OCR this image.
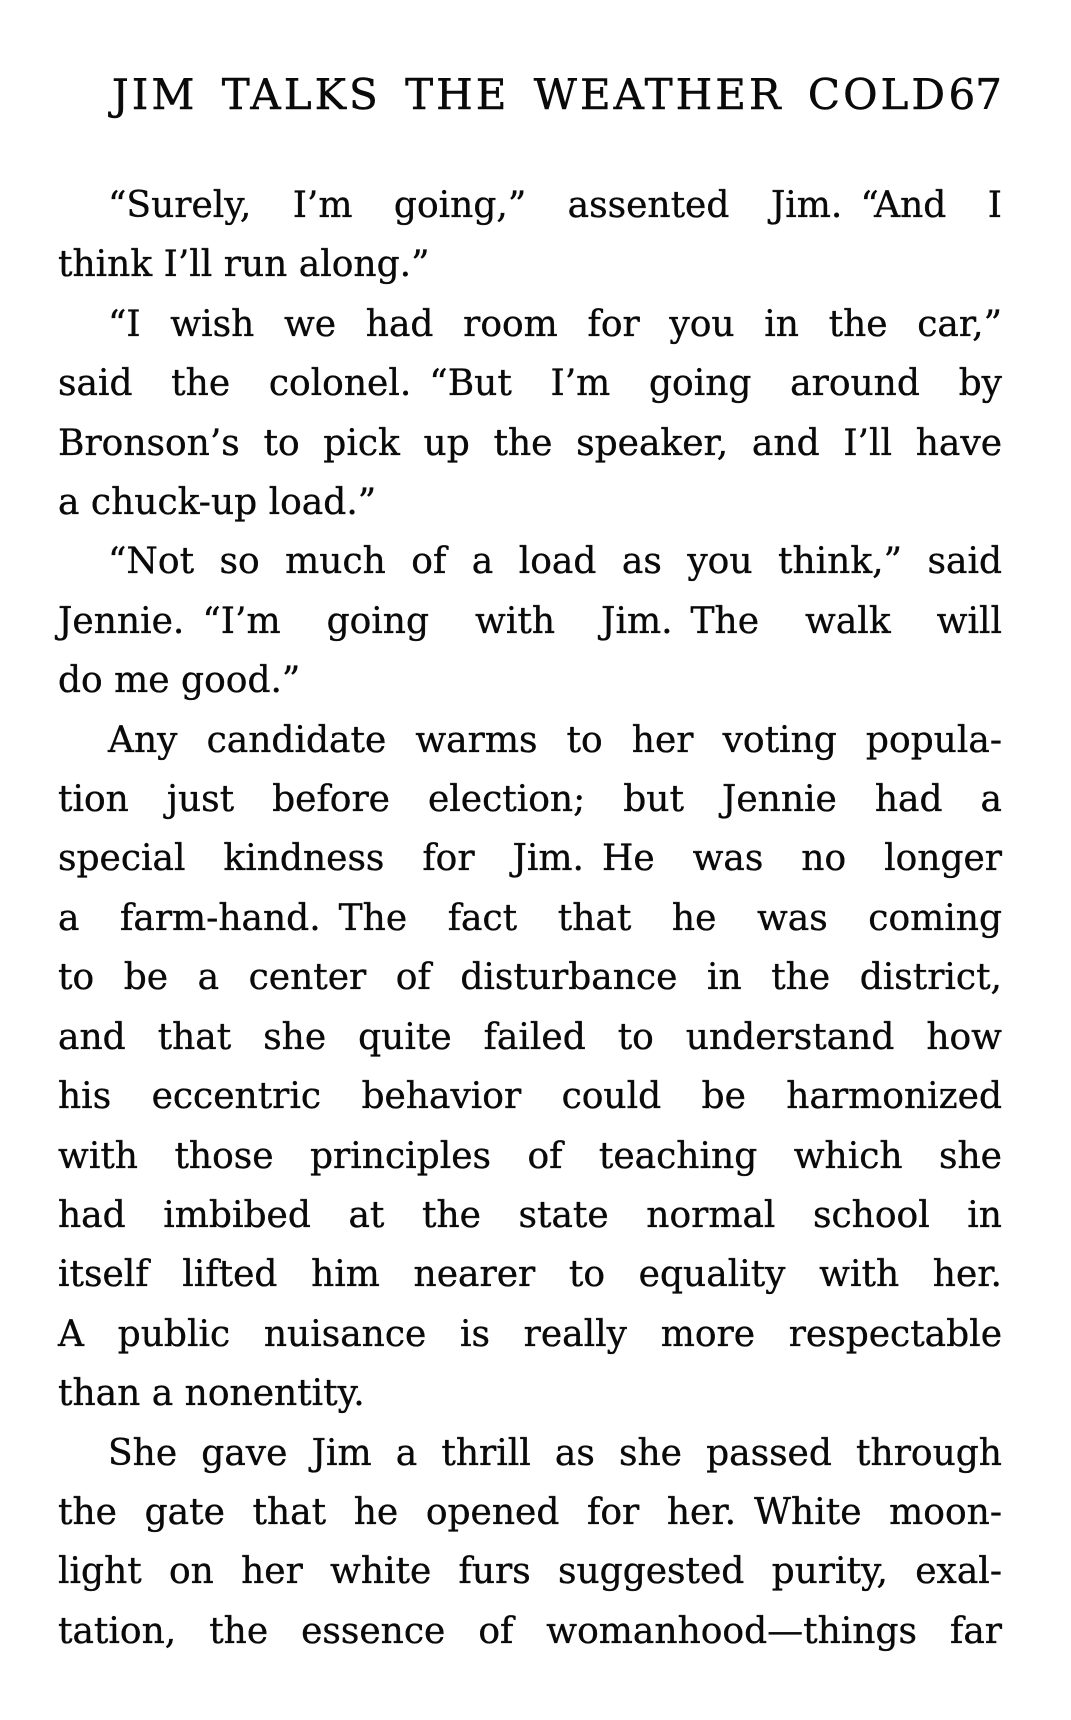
JIM TALKS THE WEATHER COLD 67
“Surely, I’m going,” assented Jim. “And I
think I’ll run along.”
“I wish we had room for you in the car,”
said the colonel. “But I’m going around by
Bronson’s to pick up the speaker, and I’ll have
a chuck-up load.”
“Not so much of a load as you think,” said
Jennie. “I’m going with Jim. The walk will
do me good.”
Any candidate warms to her voting popula-
tion just before election; but Jennie had a
special kindness for Jim. He was no longer
a farm-hand. The fact that he was coming
to be a center of disturbance in the district,
and that she quite failed to understand how
his eccentric behavior could be harmonized
with those principles of teaching which she
had imbibed at the state normal school in
itself lifted him nearer to equality with her.
A public nuisance is really more respectable
than a nonentity.
She gave Jim a thrill as she passed through
the gate that he opened for her. White moon-
light on her white furs suggested purity, exal-
tation, the essence of womanhood—things far
